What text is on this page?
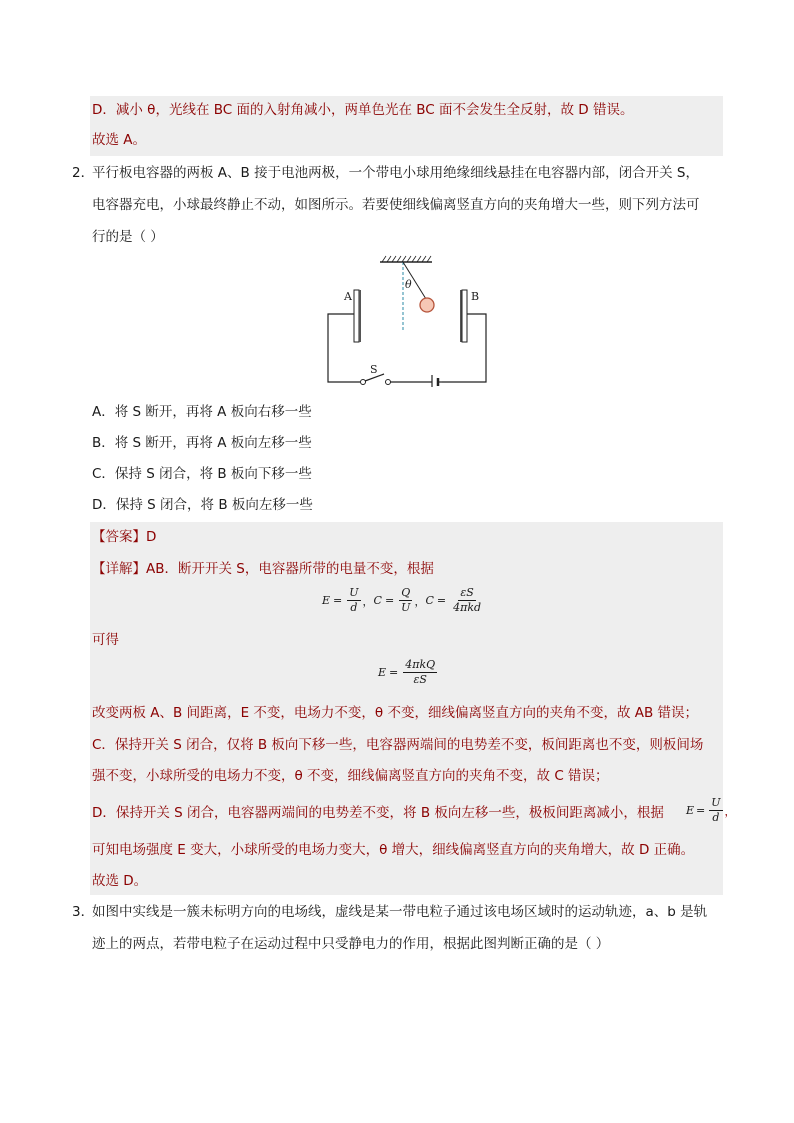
D．减小 θ，光线在 BC 面的入射角减小，两单色光在 BC 面不会发生全反射，故 D 错误。
故选 A。
2．
平行板电容器的两板 A、B 接于电池两极，一个带电小球用绝缘细线悬挂在电容器内部，闭合开关 S，
电容器充电，小球最终静止不动，如图所示。若要使细线偏离竖直方向的夹角增大一些，则下列方法可
行的是（ ）
θ
A	B
S
A．将 S 断开，再将 A 板向右移一些
B．将 S 断开，再将 A 板向左移一些
C．保持 S 闭合，将 B 板向下移一些
D．保持 S 闭合，将 B 板向左移一些
【答案】D
【详解】AB．断开开关 S，电容器所带的电量不变，根据
$E = \frac{U}{d}$ ， $C = \frac{Q}{U}$ ， $C = \frac{\varepsilon S}{\text{4πkd}}$
可得
$E = \frac{\text{4πkQ}}{\varepsilon S}$
改变两板 A、B 间距离，E 不变，电场力不变，θ 不变，细线偏离竖直方向的夹角不变，故 AB 错误；
C．保持开关 S 闭合，仅将 B 板向下移一些，电容器两端间的电势差不变，板间距离也不变，则板间场
强不变，小球所受的电场力不变，θ 不变，细线偏离竖直方向的夹角不变，故 C 错误；
D．保持开关 S 闭合，电容器两端间的电势差不变，将 B 板向左移一些，极板间距离减小，根据 $E = \frac{U}{d}$ ，
可知电场强度 E 变大，小球所受的电场力变大，θ 增大，细线偏离竖直方向的夹角增大，故 D 正确。
故选 D。
3．
如图中实线是一簇未标明方向的电场线，虚线是某一带电粒子通过该电场区域时的运动轨迹，a、b 是轨
迹上的两点，若带电粒子在运动过程中只受静电力的作用，根据此图判断正确的是（ ）
